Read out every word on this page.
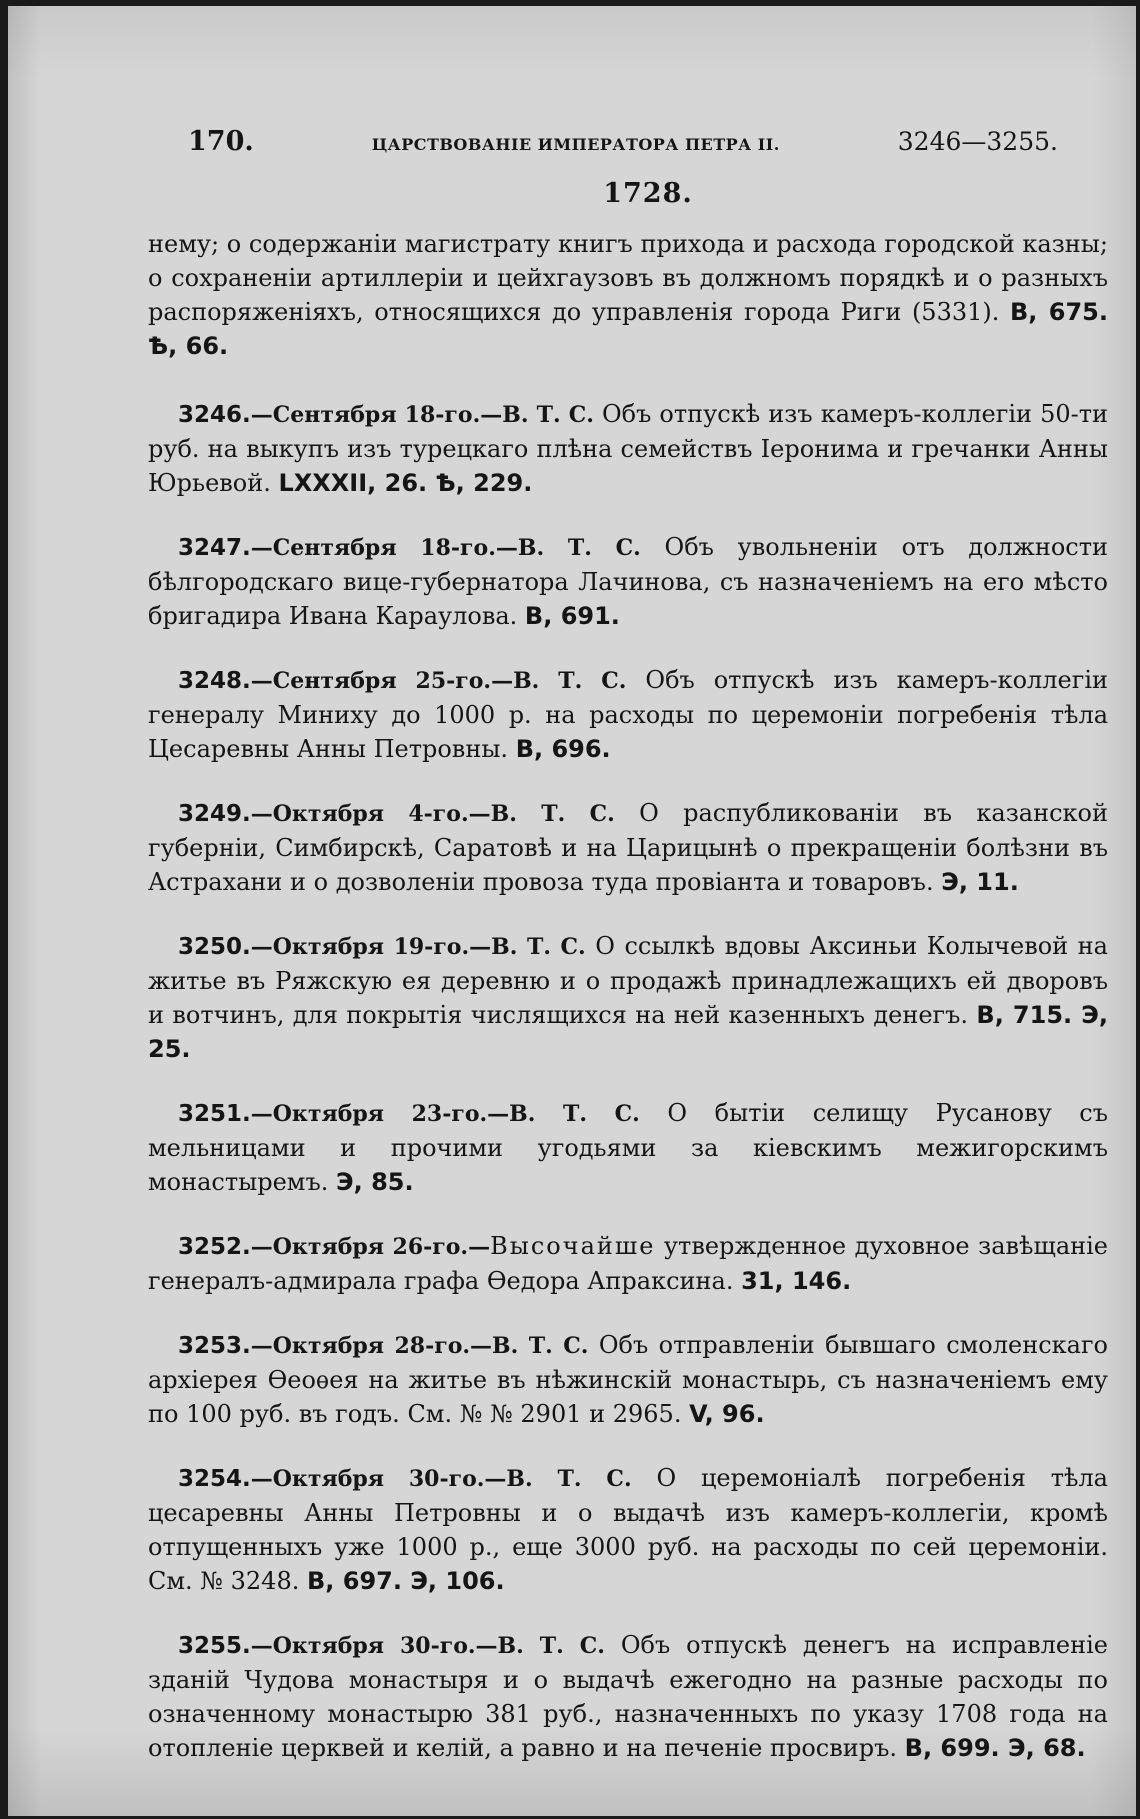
170.	ЦАРСТВОВАНІЕ ИМПЕРАТОРА ПЕТРА II.	3246—3255.
1728.

нему; о содержаніи магистрату книгъ прихода и расхода городской казны; о сохраненіи артиллеріи и цейхгаузовъ въ должномъ порядкѣ и о разныхъ распоряженіяхъ, относящихся до управленія города Риги (5331). В, 675. Ѣ, 66.

3246.—Сентября 18-го.—В. Т. С. Объ отпускѣ изъ камеръ-коллегіи 50-ти руб. на выкупъ изъ турецкаго плѣна семействъ Іеронима и гречанки Анны Юрьевой. LXXXII, 26. Ѣ, 229.

3247.—Сентября 18-го.—В. Т. С. Объ увольненіи отъ должности бѣлгородскаго вице-губернатора Лачинова, съ назначеніемъ на его мѣсто бригадира Ивана Караулова. В, 691.

3248.—Сентября 25-го.—В. Т. С. Объ отпускѣ изъ камеръ-коллегіи генералу Миниху до 1000 р. на расходы по церемоніи погребенія тѣла Цесаревны Анны Петровны. В, 696.

3249.—Октября 4-го.—В. Т. С. О распубликованіи въ казанской губерніи, Симбирскѣ, Саратовѣ и на Царицынѣ о прекращеніи болѣзни въ Астрахани и о дозволеніи провоза туда провіанта и товаровъ. Э, 11.

3250.—Октября 19-го.—В. Т. С. О ссылкѣ вдовы Аксиньи Колычевой на житье въ Ряжскую ея деревню и о продажѣ принадлежащихъ ей дворовъ и вотчинъ, для покрытія числящихся на ней казенныхъ денегъ. В, 715. Э, 25.

3251.—Октября 23-го.—В. Т. С. О бытіи селищу Русанову съ мельницами и прочими угодьями за кіевскимъ межигорскимъ монастыремъ. Э, 85.

3252.—Октября 26-го.—Высочайше утвержденное духовное завѣщаніе генералъ-адмирала графа Ѳедора Апраксина. 31, 146.

3253.—Октября 28-го.—В. Т. С. Объ отправленіи бывшаго смоленскаго архіерея Ѳеоѳея на житье въ нѣжинскій монастырь, съ назначеніемъ ему по 100 руб. въ годъ. См. № № 2901 и 2965. V, 96.

3254.—Октября 30-го.—В. Т. С. О церемоніалѣ погребенія тѣла цесаревны Анны Петровны и о выдачѣ изъ камеръ-коллегіи, кромѣ отпущенныхъ уже 1000 р., еще 3000 руб. на расходы по сей церемоніи. См. № 3248. В, 697. Э, 106.

3255.—Октября 30-го.—В. Т. С. Объ отпускѣ денегъ на исправленіе зданій Чудова монастыря и о выдачѣ ежегодно на разные расходы по означенному монастырю 381 руб., назначенныхъ по указу 1708 года на отопленіе церквей и келій, а равно и на печеніе просвиръ. В, 699. Э, 68.
